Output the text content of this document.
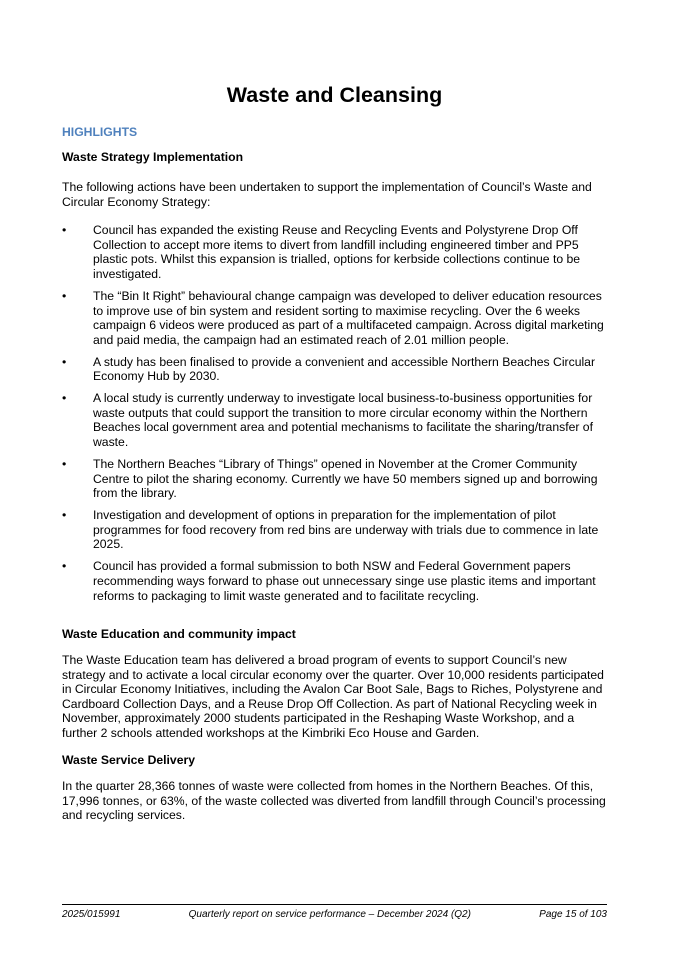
Waste and Cleansing
HIGHLIGHTS
Waste Strategy Implementation

The following actions have been undertaken to support the implementation of Council’s Waste and Circular Economy Strategy:

•	Council has expanded the existing Reuse and Recycling Events and Polystyrene Drop Off Collection to accept more items to divert from landfill including engineered timber and PP5 plastic pots. Whilst this expansion is trialled, options for kerbside collections continue to be investigated.
•	The “Bin It Right” behavioural change campaign was developed to deliver education resources to improve use of bin system and resident sorting to maximise recycling. Over the 6 weeks campaign 6 videos were produced as part of a multifaceted campaign. Across digital marketing and paid media, the campaign had an estimated reach of 2.01 million people.
•	A study has been finalised to provide a convenient and accessible Northern Beaches Circular Economy Hub by 2030.
•	A local study is currently underway to investigate local business-to-business opportunities for waste outputs that could support the transition to more circular economy within the Northern Beaches local government area and potential mechanisms to facilitate the sharing/transfer of waste.
•	The Northern Beaches “Library of Things” opened in November at the Cromer Community Centre to pilot the sharing economy. Currently we have 50 members signed up and borrowing from the library.
•	Investigation and development of options in preparation for the implementation of pilot programmes for food recovery from red bins are underway with trials due to commence in late 2025.
•	Council has provided a formal submission to both NSW and Federal Government papers recommending ways forward to phase out unnecessary singe use plastic items and important reforms to packaging to limit waste generated and to facilitate recycling.
Waste Education and community impact

The Waste Education team has delivered a broad program of events to support Council’s new strategy and to activate a local circular economy over the quarter. Over 10,000 residents participated in Circular Economy Initiatives, including the Avalon Car Boot Sale, Bags to Riches, Polystyrene and Cardboard Collection Days, and a Reuse Drop Off Collection. As part of National Recycling week in November, approximately 2000 students participated in the Reshaping Waste Workshop, and a further 2 schools attended workshops at the Kimbriki Eco House and Garden.

Waste Service Delivery

In the quarter 28,366 tonnes of waste were collected from homes in the Northern Beaches. Of this, 17,996 tonnes, or 63%, of the waste collected was diverted from landfill through Council’s processing and recycling services.

2025/015991	Quarterly report on service performance – December 2024 (Q2)	Page 15 of 103
